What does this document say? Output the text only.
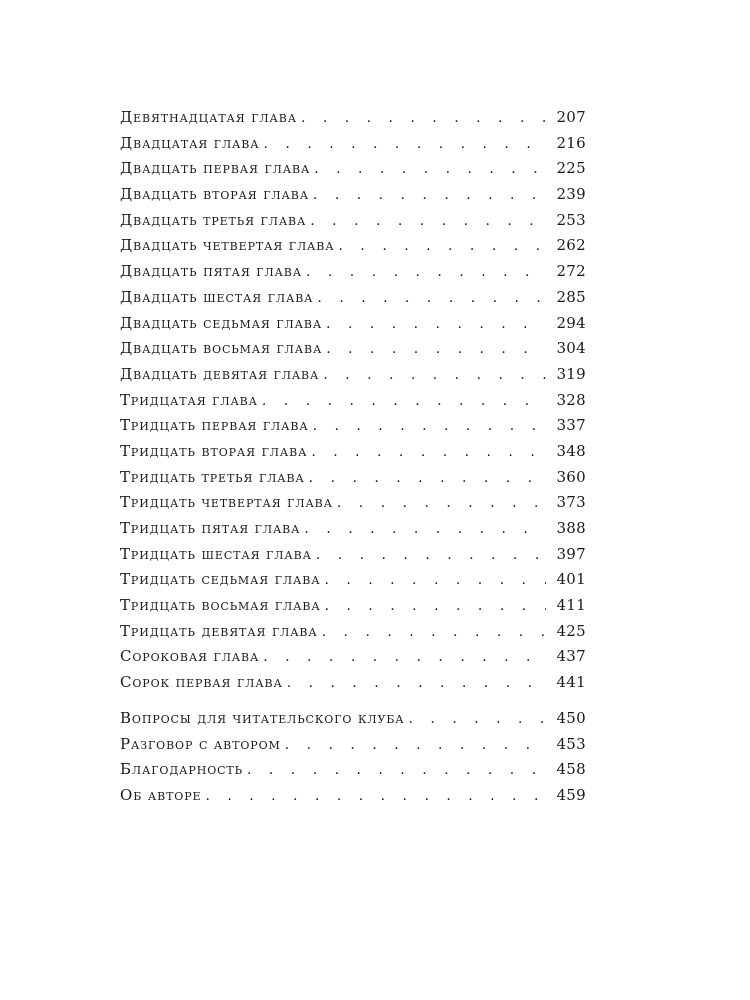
Девятнадцатая глава . . .	207
Двадцатая глава . . .	216
Двадцать первая глава . . .	225
Двадцать вторая глава . . .	239
Двадцать третья глава . . .	253
Двадцать четвертая глава . . .	262
Двадцать пятая глава . . .	272
Двадцать шестая глава . . .	285
Двадцать седьмая глава . . .	294
Двадцать восьмая глава . . .	304
Двадцать девятая глава . . .	319
Тридцатая глава . . .	328
Тридцать первая глава . . .	337
Тридцать вторая глава . . .	348
Тридцать третья глава . . .	360
Тридцать четвертая глава . . .	373
Тридцать пятая глава . . .	388
Тридцать шестая глава . . .	397
Тридцать седьмая глава . . .	401
Тридцать восьмая глава . . .	411
Тридцать девятая глава . . .	425
Сороковая глава . . .	437
Сорок первая глава . . .	441
Вопросы для читательского клуба . . .	450
Разговор с автором . . .	453
Благодарность . . .	458
Об авторе . . .	459
